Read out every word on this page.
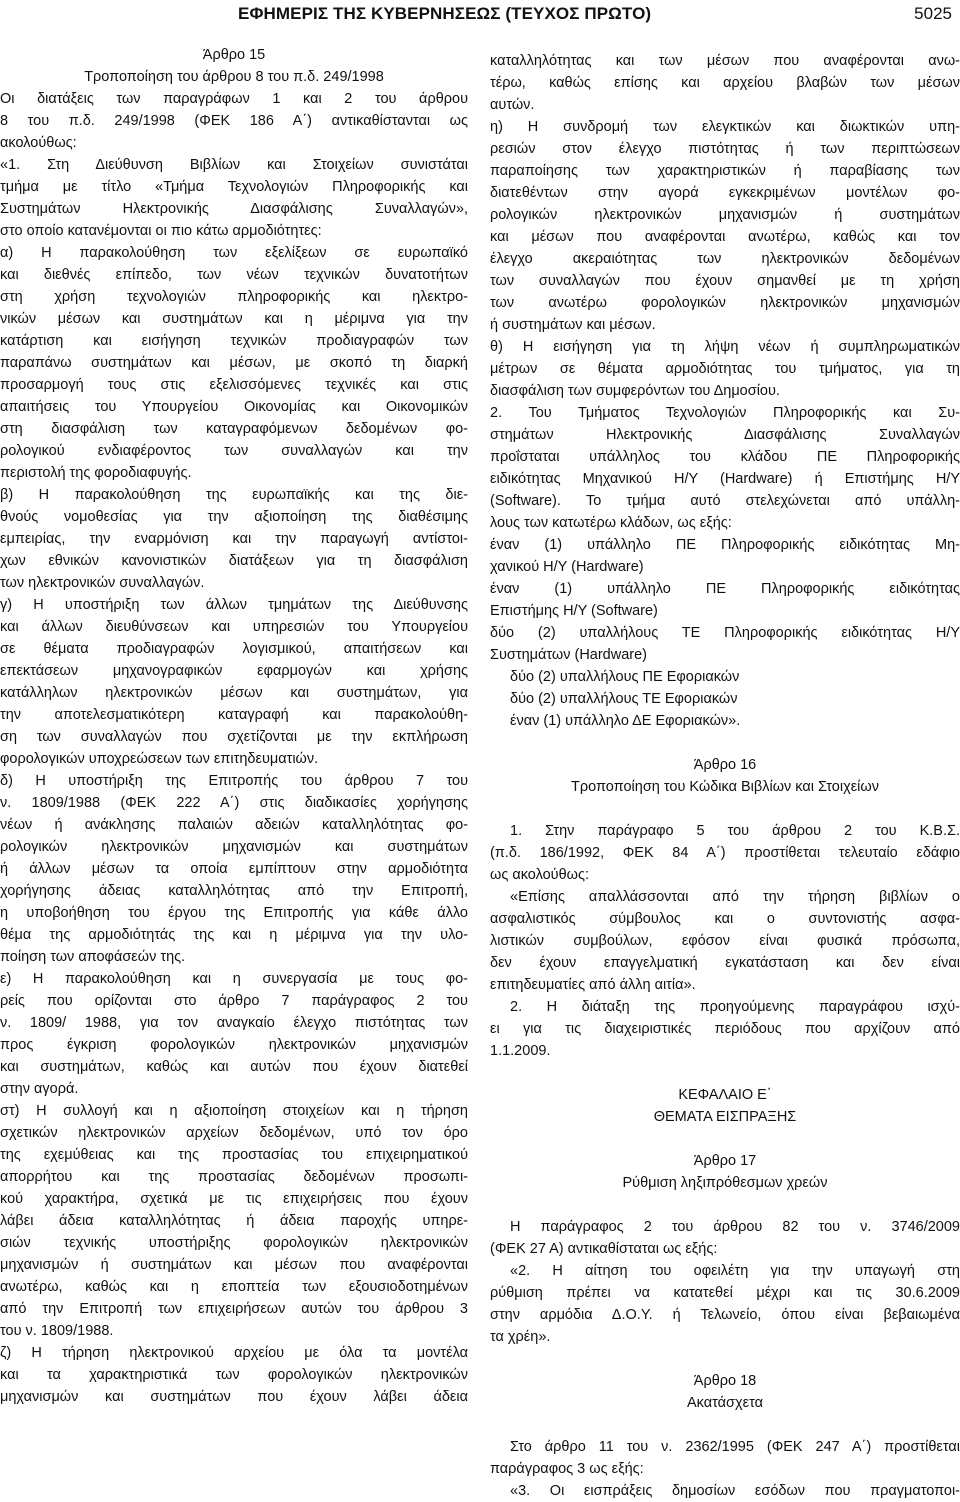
ΕΦΗΜΕΡΙΣ ΤΗΣ ΚΥΒΕΡΝΗΣΕΩΣ (ΤΕΥΧΟΣ ΠΡΩΤΟ)	5025
Άρθρο 15
Τροποποίηση του άρθρου 8 του π.δ. 249/1998
Οι διατάξεις των παραγράφων 1 και 2 του άρθρου
8 του π.δ. 249/1998 (ΦΕΚ 186 Α΄) αντικαθίστανται ως
ακολούθως:
«1. Στη Διεύθυνση Βιβλίων και Στοιχείων συνιστάται
τμήμα με τίτλο «Τμήμα Τεχνολογιών Πληροφορικής και
Συστημάτων Ηλεκτρονικής Διασφάλισης Συναλλαγών»,
στο οποίο κατανέμονται οι πιο κάτω αρμοδιότητες:
α) Η παρακολούθηση των εξελίξεων σε ευρωπαϊκό
και διεθνές επίπεδο, των νέων τεχνικών δυνατοτήτων
στη χρήση τεχνολογιών πληροφορικής και ηλεκτρο-
νικών μέσων και συστημάτων και η μέριμνα για την
κατάρτιση και εισήγηση τεχνικών προδιαγραφών των
παραπάνω συστημάτων και μέσων, με σκοπό τη διαρκή
προσαρμογή τους στις εξελισσόμενες τεχνικές και στις
απαιτήσεις του Υπουργείου Οικονομίας και Οικονομικών
στη διασφάλιση των καταγραφόμενων δεδομένων φο-
ρολογικού ενδιαφέροντος των συναλλαγών και την
περιστολή της φοροδιαφυγής.
β) Η παρακολούθηση της ευρωπαϊκής και της διε-
θνούς νομοθεσίας για την αξιοποίηση της διαθέσιμης
εμπειρίας, την εναρμόνιση και την παραγωγή αντίστοι-
χων εθνικών κανονιστικών διατάξεων για τη διασφάλιση
των ηλεκτρονικών συναλλαγών.
γ) Η υποστήριξη των άλλων τμημάτων της Διεύθυνσης
και άλλων διευθύνσεων και υπηρεσιών του Υπουργείου
σε θέματα προδιαγραφών λογισμικού, απαιτήσεων και
επεκτάσεων μηχανογραφικών εφαρμογών και χρήσης
κατάλληλων ηλεκτρονικών μέσων και συστημάτων, για
την αποτελεσματικότερη καταγραφή και παρακολούθη-
ση των συναλλαγών που σχετίζονται με την εκπλήρωση
φορολογικών υποχρεώσεων των επιτηδευματιών.
δ) Η υποστήριξη της Επιτροπής του άρθρου 7 του
ν. 1809/1988 (ΦΕΚ 222 Α΄) στις διαδικασίες χορήγησης
νέων ή ανάκλησης παλαιών αδειών καταλληλότητας φο-
ρολογικών ηλεκτρονικών μηχανισμών και συστημάτων
ή άλλων μέσων τα οποία εμπίπτουν στην αρμοδιότητα
χορήγησης άδειας καταλληλότητας από την Επιτροπή,
η υποβοήθηση του έργου της Επιτροπής για κάθε άλλο
θέμα της αρμοδιότητάς της και η μέριμνα για την υλο-
ποίηση των αποφάσεών της.
ε) Η παρακολούθηση και η συνεργασία με τους φο-
ρείς που ορίζονται στο άρθρο 7 παράγραφος 2 του
ν. 1809/ 1988, για τον αναγκαίο έλεγχο πιστότητας των
προς έγκριση φορολογικών ηλεκτρονικών μηχανισμών
και συστημάτων, καθώς και αυτών που έχουν διατεθεί
στην αγορά.
στ) Η συλλογή και η αξιοποίηση στοιχείων και η τήρηση
σχετικών ηλεκτρονικών αρχείων δεδομένων, υπό τον όρο
της εχεμύθειας και της προστασίας του επιχειρηματικού
απορρήτου και της προστασίας δεδομένων προσωπι-
κού χαρακτήρα, σχετικά με τις επιχειρήσεις που έχουν
λάβει άδεια καταλληλότητας ή άδεια παροχής υπηρε-
σιών τεχνικής υποστήριξης φορολογικών ηλεκτρονικών
μηχανισμών ή συστημάτων και μέσων που αναφέρονται
ανωτέρω, καθώς και η εποπτεία των εξουσιοδοτημένων
από την Επιτροπή των επιχειρήσεων αυτών του άρθρου 3
του ν. 1809/1988.
ζ) Η τήρηση ηλεκτρονικού αρχείου με όλα τα μοντέλα
και τα χαρακτηριστικά των φορολογικών ηλεκτρονικών
μηχανισμών και συστημάτων που έχουν λάβει άδεια
καταλληλότητας και των μέσων που αναφέρονται ανω-
τέρω, καθώς επίσης και αρχείου βλαβών των μέσων
αυτών.
η) Η συνδρομή των ελεγκτικών και διωκτικών υπη-
ρεσιών στον έλεγχο πιστότητας ή των περιπτώσεων
παραποίησης των χαρακτηριστικών ή παραβίασης των
διατεθέντων στην αγορά εγκεκριμένων μοντέλων φο-
ρολογικών ηλεκτρονικών μηχανισμών ή συστημάτων
και μέσων που αναφέρονται ανωτέρω, καθώς και τον
έλεγχο ακεραιότητας των ηλεκτρονικών δεδομένων
των συναλλαγών που έχουν σημανθεί με τη χρήση
των ανωτέρω φορολογικών ηλεκτρονικών μηχανισμών
ή συστημάτων και μέσων.
θ) Η εισήγηση για τη λήψη νέων ή συμπληρωματικών
μέτρων σε θέματα αρμοδιότητας του τμήματος, για τη
διασφάλιση των συμφερόντων του Δημοσίου.
2. Του Τμήματος Τεχνολογιών Πληροφορικής και Συ-
στημάτων Ηλεκτρονικής Διασφάλισης Συναλλαγών
προΐσταται υπάλληλος του κλάδου ΠΕ Πληροφορικής
ειδικότητας Μηχανικού Η/Υ (Hardware) ή Επιστήμης Η/Υ
(Software). Το τμήμα αυτό στελεχώνεται από υπάλλη-
λους των κατωτέρω κλάδων, ως εξής:
έναν (1) υπάλληλο ΠΕ Πληροφορικής ειδικότητας Μη-
χανικού Η/Υ (Hardware)
έναν (1) υπάλληλο ΠΕ Πληροφορικής ειδικότητας
Επιστήμης Η/Υ (Software)
δύο (2) υπαλλήλους ΤΕ Πληροφορικής ειδικότητας Η/Υ
Συστημάτων (Hardware)
δύο (2) υπαλλήλους ΠΕ Εφοριακών
δύο (2) υπαλλήλους ΤΕ Εφοριακών
έναν (1) υπάλληλο ΔΕ Εφοριακών».
Άρθρο 16
Τροποποίηση του Κώδικα Βιβλίων και Στοιχείων
1. Στην παράγραφο 5 του άρθρου 2 του Κ.Β.Σ.
(π.δ. 186/1992, ΦΕΚ 84 Α΄) προστίθεται τελευταίο εδάφιο
ως ακολούθως:
«Επίσης απαλλάσσονται από την τήρηση βιβλίων ο
ασφαλιστικός σύμβουλος και ο συντονιστής ασφα-
λιστικών συμβούλων, εφόσον είναι φυσικά πρόσωπα,
δεν έχουν επαγγελματική εγκατάσταση και δεν είναι
επιτηδευματίες από άλλη αιτία».
2. Η διάταξη της προηγούμενης παραγράφου ισχύ-
ει για τις διαχειριστικές περιόδους που αρχίζουν από
1.1.2009.
ΚΕΦΑΛΑΙΟ Ε΄
ΘΕΜΑΤΑ ΕΙΣΠΡΑΞΗΣ
Άρθρο 17
Ρύθμιση ληξιπρόθεσμων χρεών
Η παράγραφος 2 του άρθρου 82 του ν. 3746/2009
(ΦΕΚ 27 Α) αντικαθίσταται ως εξής:
«2. Η αίτηση του οφειλέτη για την υπαγωγή στη
ρύθμιση πρέπει να κατατεθεί μέχρι και τις 30.6.2009
στην αρμόδια Δ.Ο.Υ. ή Τελωνείο, όπου είναι βεβαιωμένα
τα χρέη».
Άρθρο 18
Ακατάσχετα
Στο άρθρο 11 του ν. 2362/1995 (ΦΕΚ 247 Α΄) προστίθεται
παράγραφος 3 ως εξής:
«3. Οι εισπράξεις δημοσίων εσόδων που πραγματοποι-
